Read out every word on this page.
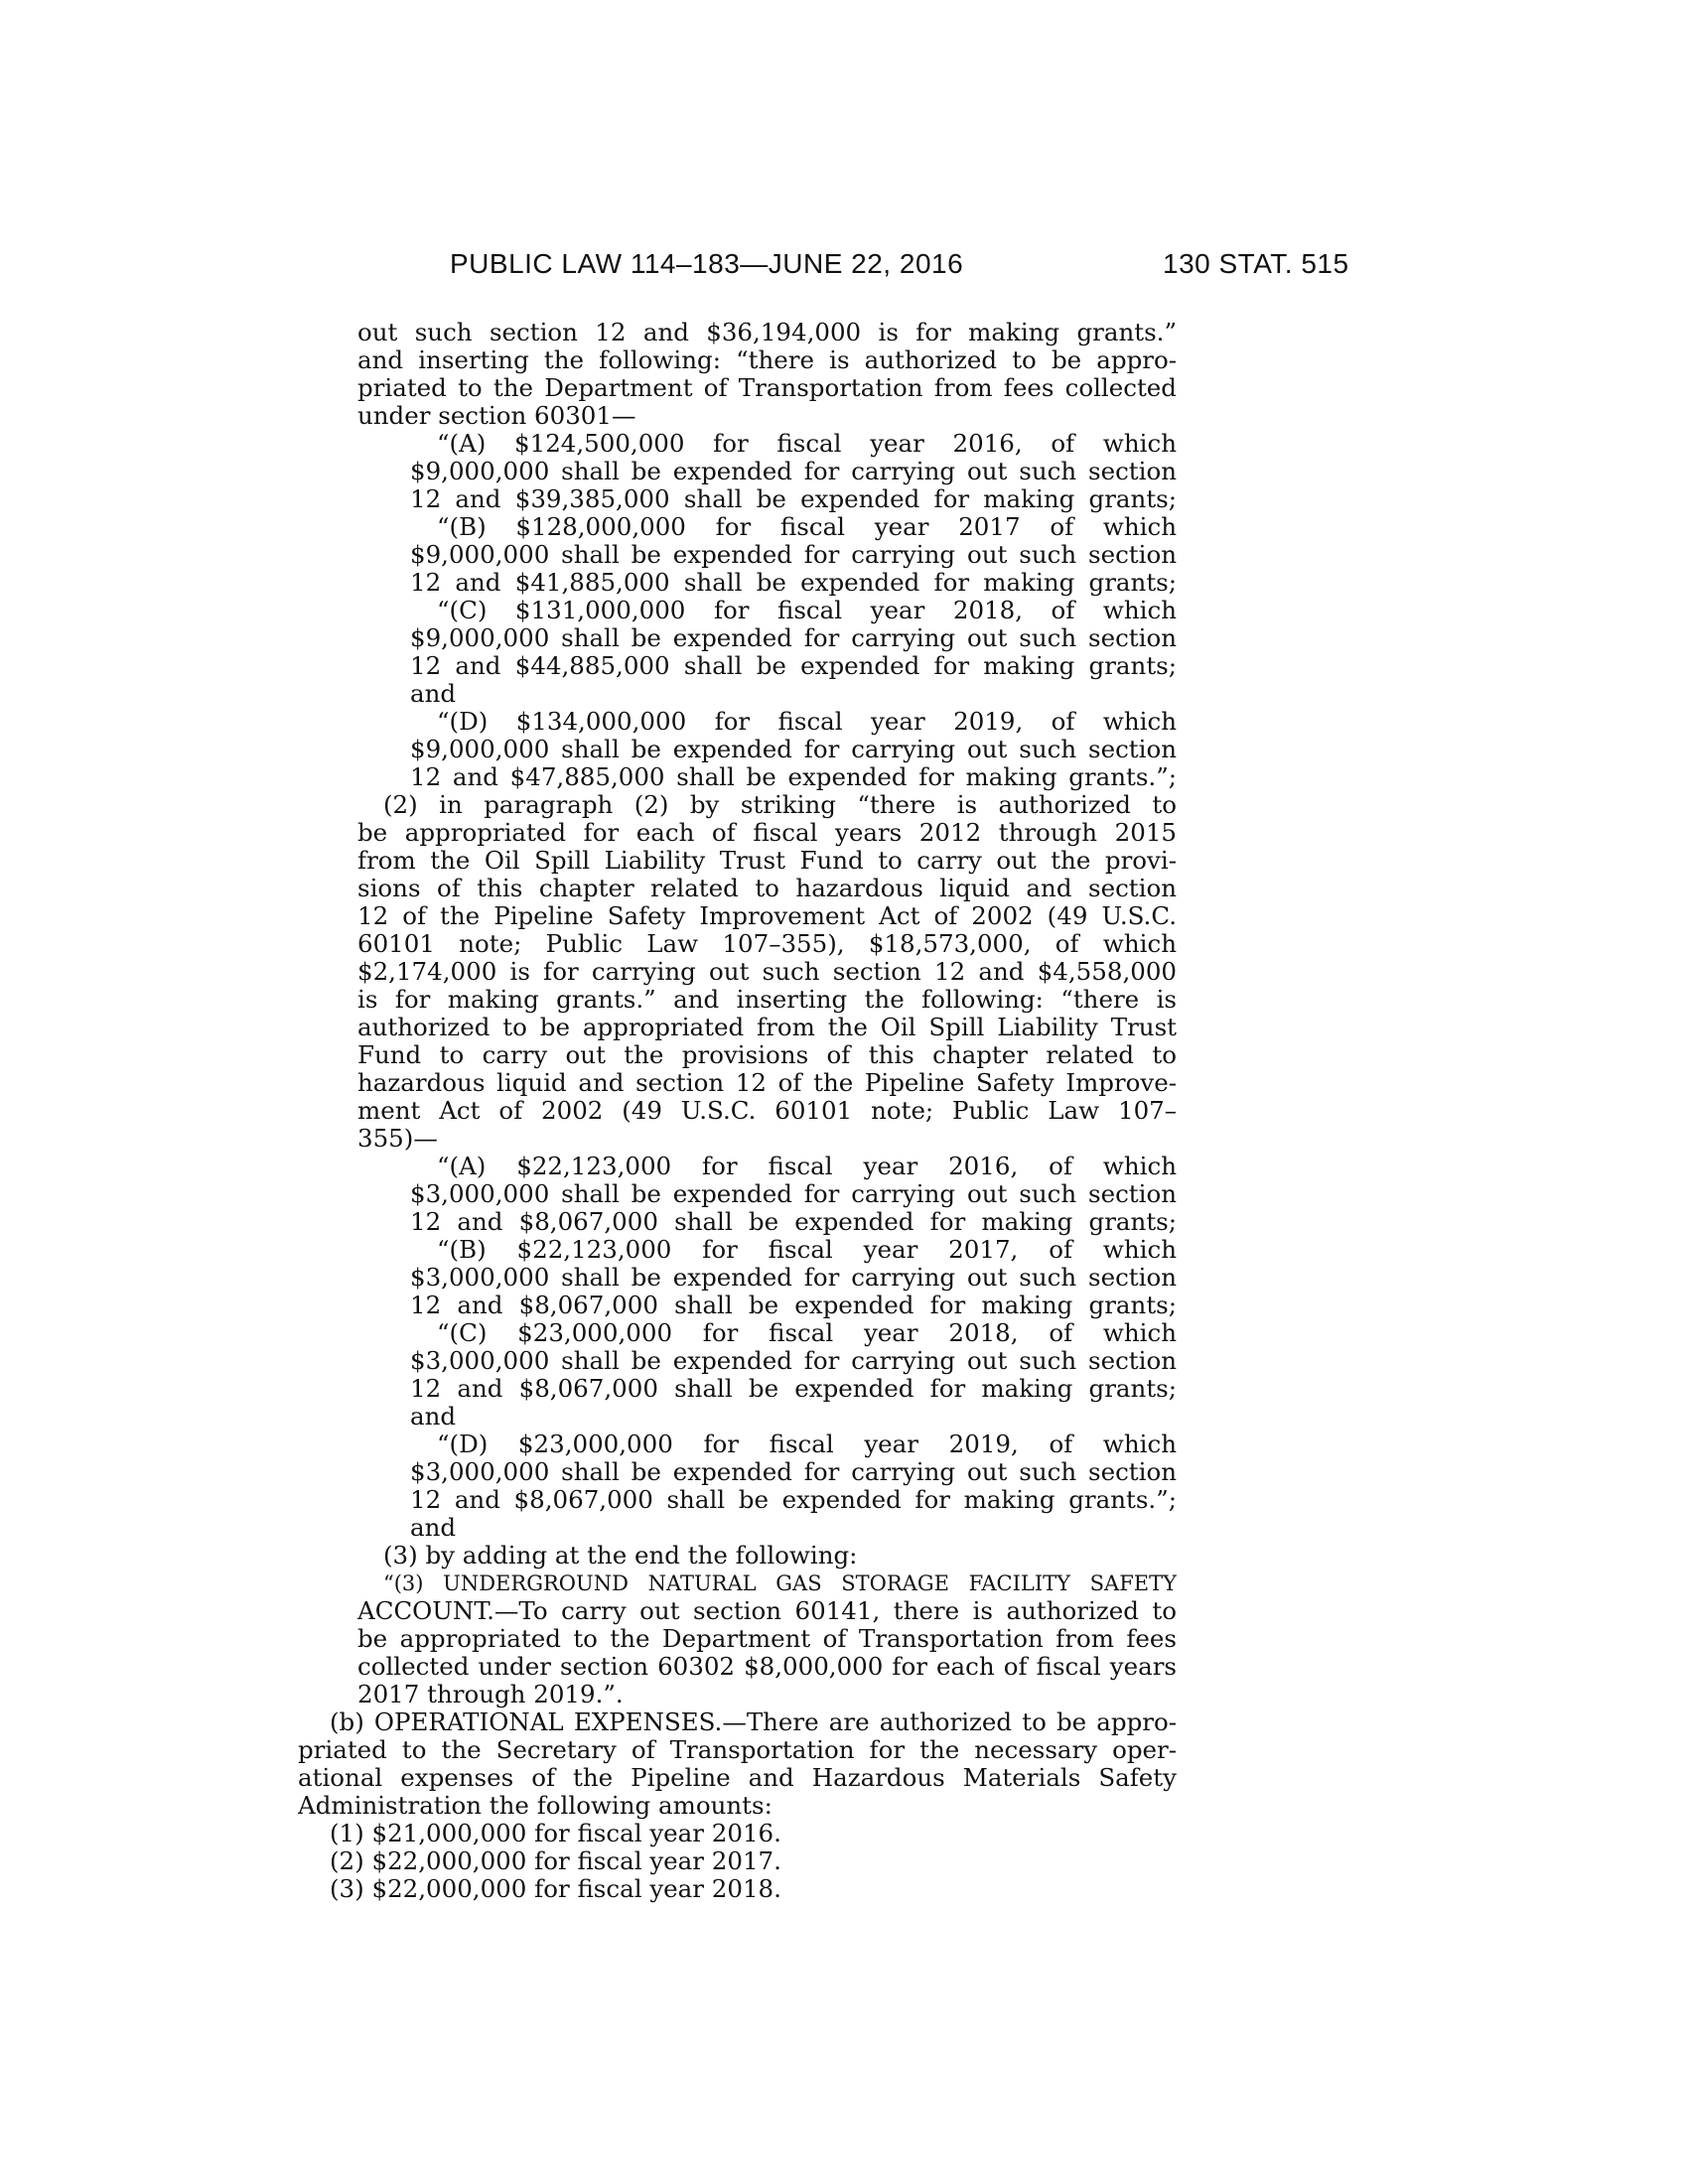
PUBLIC LAW 114–183—JUNE 22, 2016	130 STAT. 515
out such section 12 and $36,194,000 is for making grants.”
and inserting the following: “there is authorized to be appro-
priated to the Department of Transportation from fees collected
under section 60301—
“(A) $124,500,000 for fiscal year 2016, of which
$9,000,000 shall be expended for carrying out such section
12 and $39,385,000 shall be expended for making grants;
“(B) $128,000,000 for fiscal year 2017 of which
$9,000,000 shall be expended for carrying out such section
12 and $41,885,000 shall be expended for making grants;
“(C) $131,000,000 for fiscal year 2018, of which
$9,000,000 shall be expended for carrying out such section
12 and $44,885,000 shall be expended for making grants;
and
“(D) $134,000,000 for fiscal year 2019, of which
$9,000,000 shall be expended for carrying out such section
12 and $47,885,000 shall be expended for making grants.”;
(2) in paragraph (2) by striking “there is authorized to
be appropriated for each of fiscal years 2012 through 2015
from the Oil Spill Liability Trust Fund to carry out the provi-
sions of this chapter related to hazardous liquid and section
12 of the Pipeline Safety Improvement Act of 2002 (49 U.S.C.
60101 note; Public Law 107–355), $18,573,000, of which
$2,174,000 is for carrying out such section 12 and $4,558,000
is for making grants.” and inserting the following: “there is
authorized to be appropriated from the Oil Spill Liability Trust
Fund to carry out the provisions of this chapter related to
hazardous liquid and section 12 of the Pipeline Safety Improve-
ment Act of 2002 (49 U.S.C. 60101 note; Public Law 107–
355)—
“(A) $22,123,000 for fiscal year 2016, of which
$3,000,000 shall be expended for carrying out such section
12 and $8,067,000 shall be expended for making grants;
“(B) $22,123,000 for fiscal year 2017, of which
$3,000,000 shall be expended for carrying out such section
12 and $8,067,000 shall be expended for making grants;
“(C) $23,000,000 for fiscal year 2018, of which
$3,000,000 shall be expended for carrying out such section
12 and $8,067,000 shall be expended for making grants;
and
“(D) $23,000,000 for fiscal year 2019, of which
$3,000,000 shall be expended for carrying out such section
12 and $8,067,000 shall be expended for making grants.”;
and
(3) by adding at the end the following:
“(3) UNDERGROUND NATURAL GAS STORAGE FACILITY SAFETY
ACCOUNT.—To carry out section 60141, there is authorized to
be appropriated to the Department of Transportation from fees
collected under section 60302 $8,000,000 for each of fiscal years
2017 through 2019.”.
(b) OPERATIONAL EXPENSES.—There are authorized to be appro-
priated to the Secretary of Transportation for the necessary oper-
ational expenses of the Pipeline and Hazardous Materials Safety
Administration the following amounts:
(1) $21,000,000 for fiscal year 2016.
(2) $22,000,000 for fiscal year 2017.
(3) $22,000,000 for fiscal year 2018.
